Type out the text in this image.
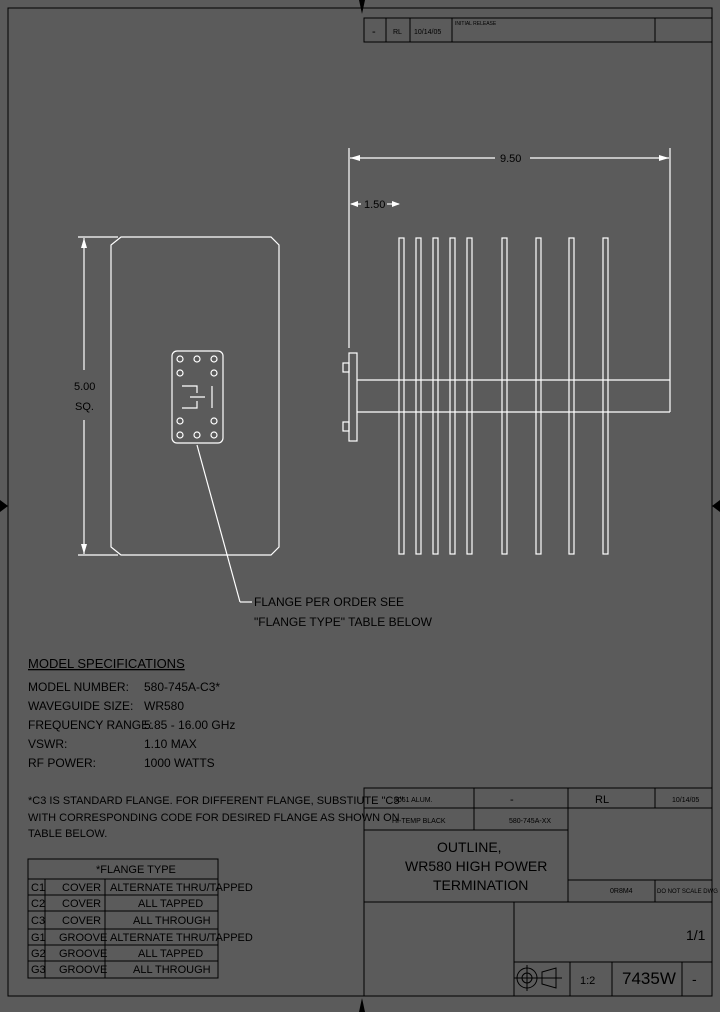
- RL 10/14/05
INITIAL RELEASE
9.50
1.50
5.00
SQ.
FLANGE PER ORDER SEE
"FLANGE TYPE" TABLE BELOW
MODEL SPECIFICATIONS
MODEL NUMBER: 580-745A-C3*
WAVEGUIDE SIZE: WR580
FREQUENCY RANGE:
5.85 - 16.00 GHz
VSWR:	1.10 MAX
RF POWER:	1000 WATTS
*C3 IS STANDARD FLANGE. FOR DIFFERENT FLANGE, SUBSTIUTE "C3"
WITH CORRESPONDING CODE FOR DESIRED FLANGE AS SHOWN ON
TABLE BELOW.
*FLANGE TYPE
C1 COVER ALTERNATE THRU/TAPPED
C2 COVER	ALL TAPPED
C3 COVER	ALL THROUGH
G1 GROOVE ALTERNATE THRU/TAPPED
G2 GROOVE	ALL TAPPED
G3 GROOVE ALL THROUGH
6061 ALUM.	-	RL	10/14/05
HI-TEMP BLACK	580-745A-XX
OUTLINE,
WR580 HIGH POWER
TERMINATION	0R8M4	DO NOT SCALE DWG
1/1
1:2 7435W -
